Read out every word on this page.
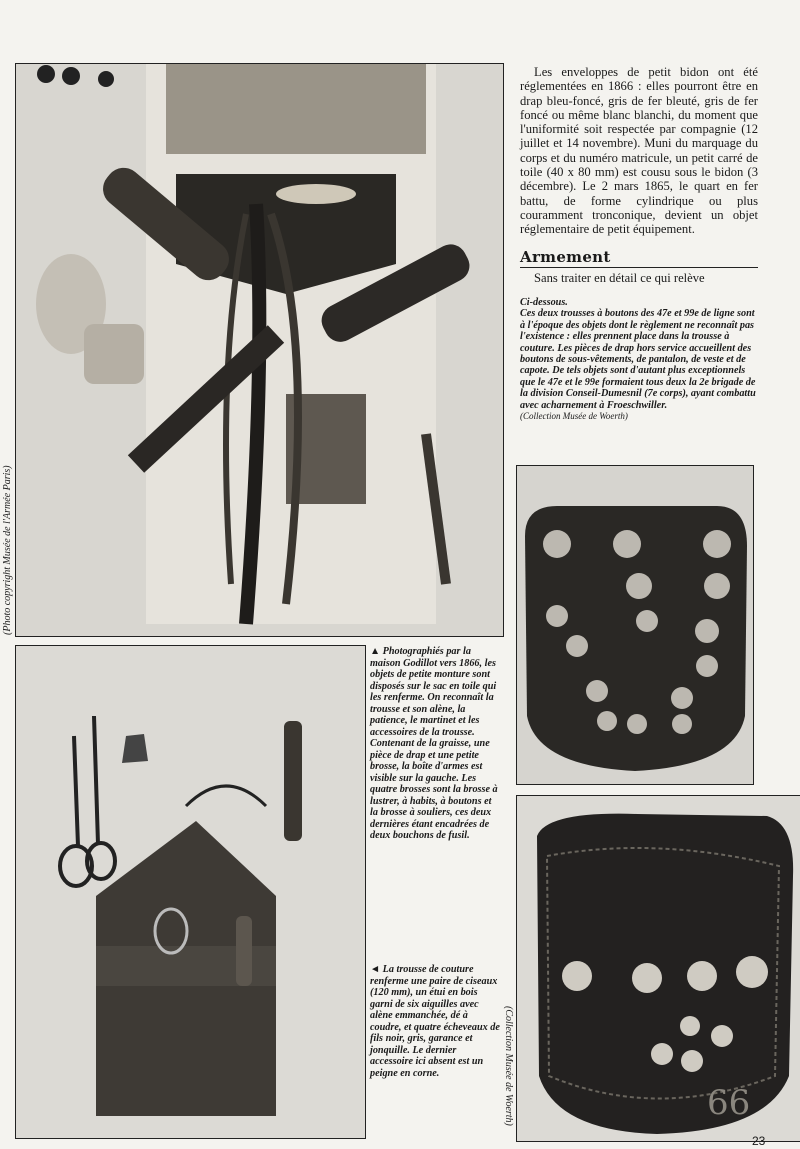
(Photo copyright Musée de l'Armée Paris)

Les enveloppes de petit bidon ont été réglementées en 1866 : elles pourront être en drap bleu-foncé, gris de fer bleuté, gris de fer foncé ou même blanc blanchi, du moment que l'uniformité soit respectée par compagnie (12 juillet et 14 novembre). Muni du marquage du corps et du numéro matricule, un petit carré de toile (40 x 80 mm) est cousu sous le bidon (3 décembre). Le 2 mars 1865, le quart en fer battu, de forme cylindrique ou plus couramment tronconique, devient un objet réglementaire de petit équipement.

Armement

Sans traiter en détail ce qui relève

Ci-dessous.
Ces deux trousses à boutons des 47e et 99e de ligne sont à l'époque des objets dont le règlement ne reconnaît pas l'existence : elles prennent place dans la trousse à couture. Les pièces de drap hors service accueillent des boutons de sous-vêtements, de pantalon, de veste et de capote. De tels objets sont d'autant plus exceptionnels que le 47e et le 99e formaient tous deux la 2e brigade de la division Conseil-Dumesnil (7e corps), ayant combattu avec acharnement à Froeschwiller.
(Collection Musée de Woerth)
▲ Photographiés par la maison Godillot vers 1866, les objets de petite monture sont disposés sur le sac en toile qui les renferme. On reconnaît la trousse et son alène, la patience, le martinet et les accessoires de la trousse. Contenant de la graisse, une pièce de drap et une petite brosse, la boîte d'armes est visible sur la gauche. Les quatre brosses sont la brosse à lustrer, à habits, à boutons et la brosse à souliers, ces deux dernières étant encadrées de deux bouchons de fusil.
◄ La trousse de couture renferme une paire de ciseaux (120 mm), un étui en bois garni de six aiguilles avec alène emmanchée, dé à coudre, et quatre écheveaux de fils noir, gris, garance et jonquille. Le dernier accessoire ici absent est un peigne en corne.
66
(Collection Musée de Woerth)
23
